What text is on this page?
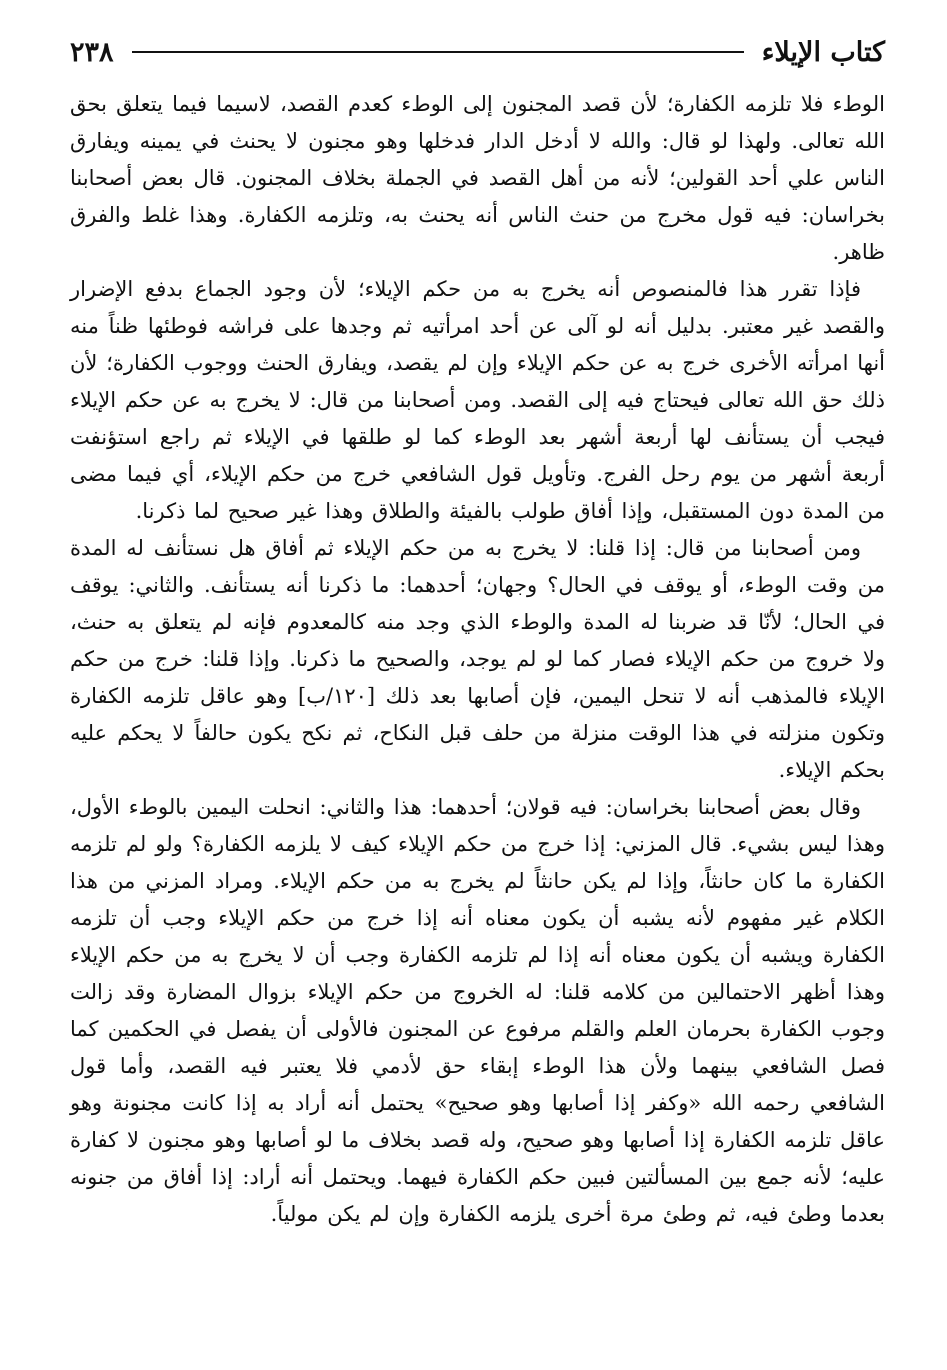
كتاب الإيلاء
٢٣٨

الوطء فلا تلزمه الكفارة؛ لأن قصد المجنون إلى الوطء كعدم القصد، لاسيما فيما يتعلق بحق الله تعالى. ولهذا لو قال: والله لا أدخل الدار فدخلها وهو مجنون لا يحنث في يمينه ويفارق الناس علي أحد القولين؛ لأنه من أهل القصد في الجملة بخلاف المجنون. قال بعض أصحابنا بخراسان: فيه قول مخرج من حنث الناس أنه يحنث به، وتلزمه الكفارة. وهذا غلط والفرق ظاهر.

فإذا تقرر هذا فالمنصوص أنه يخرج به من حكم الإيلاء؛ لأن وجود الجماع بدفع الإضرار والقصد غير معتبر. بدليل أنه لو آلى عن أحد امرأتيه ثم وجدها على فراشه فوطئها ظناً منه أنها امرأته الأخرى خرج به عن حكم الإيلاء وإن لم يقصد، ويفارق الحنث ووجوب الكفارة؛ لأن ذلك حق الله تعالى فيحتاج فيه إلى القصد. ومن أصحابنا من قال: لا يخرج به عن حكم الإيلاء فيجب أن يستأنف لها أربعة أشهر بعد الوطء كما لو طلقها في الإيلاء ثم راجع استؤنفت أربعة أشهر من يوم رحل الفرج. وتأويل قول الشافعي خرج من حكم الإيلاء، أي فيما مضى من المدة دون المستقبل، وإذا أفاق طولب بالفيئة والطلاق وهذا غير صحيح لما ذكرنا.

ومن أصحابنا من قال: إذا قلنا: لا يخرج به من حكم الإيلاء ثم أفاق هل نستأنف له المدة من وقت الوطء، أو يوقف في الحال؟ وجهان؛ أحدهما: ما ذكرنا أنه يستأنف. والثاني: يوقف في الحال؛ لأنّا قد ضربنا له المدة والوطء الذي وجد منه كالمعدوم فإنه لم يتعلق به حنث، ولا خروج من حكم الإيلاء فصار كما لو لم يوجد، والصحيح ما ذكرنا. وإذا قلنا: خرج من حكم الإيلاء فالمذهب أنه لا تنحل اليمين، فإن أصابها بعد ذلك [١٢٠/ب] وهو عاقل تلزمه الكفارة وتكون منزلته في هذا الوقت منزلة من حلف قبل النكاح، ثم نكح يكون حالفاً لا يحكم عليه بحكم الإيلاء.

وقال بعض أصحابنا بخراسان: فيه قولان؛ أحدهما: هذا والثاني: انحلت اليمين بالوطء الأول، وهذا ليس بشيء. قال المزني: إذا خرج من حكم الإيلاء كيف لا يلزمه الكفارة؟ ولو لم تلزمه الكفارة ما كان حانثاً، وإذا لم يكن حانثاً لم يخرج به من حكم الإيلاء. ومراد المزني من هذا الكلام غير مفهوم لأنه يشبه أن يكون معناه أنه إذا خرج من حكم الإيلاء وجب أن تلزمه الكفارة ويشبه أن يكون معناه أنه إذا لم تلزمه الكفارة وجب أن لا يخرج به من حكم الإيلاء وهذا أظهر الاحتمالين من كلامه قلنا: له الخروج من حكم الإيلاء بزوال المضارة وقد زالت وجوب الكفارة بحرمان العلم والقلم مرفوع عن المجنون فالأولى أن يفصل في الحكمين كما فصل الشافعي بينهما ولأن هذا الوطء إبقاء حق لأدمي فلا يعتبر فيه القصد، وأما قول الشافعي رحمه الله «وكفر إذا أصابها وهو صحيح» يحتمل أنه أراد به إذا كانت مجنونة وهو عاقل تلزمه الكفارة إذا أصابها وهو صحيح، وله قصد بخلاف ما لو أصابها وهو مجنون لا كفارة عليه؛ لأنه جمع بين المسألتين فبين حكم الكفارة فيهما. ويحتمل أنه أراد: إذا أفاق من جنونه بعدما وطئ فيه، ثم وطئ مرة أخرى يلزمه الكفارة وإن لم يكن مولياً.
